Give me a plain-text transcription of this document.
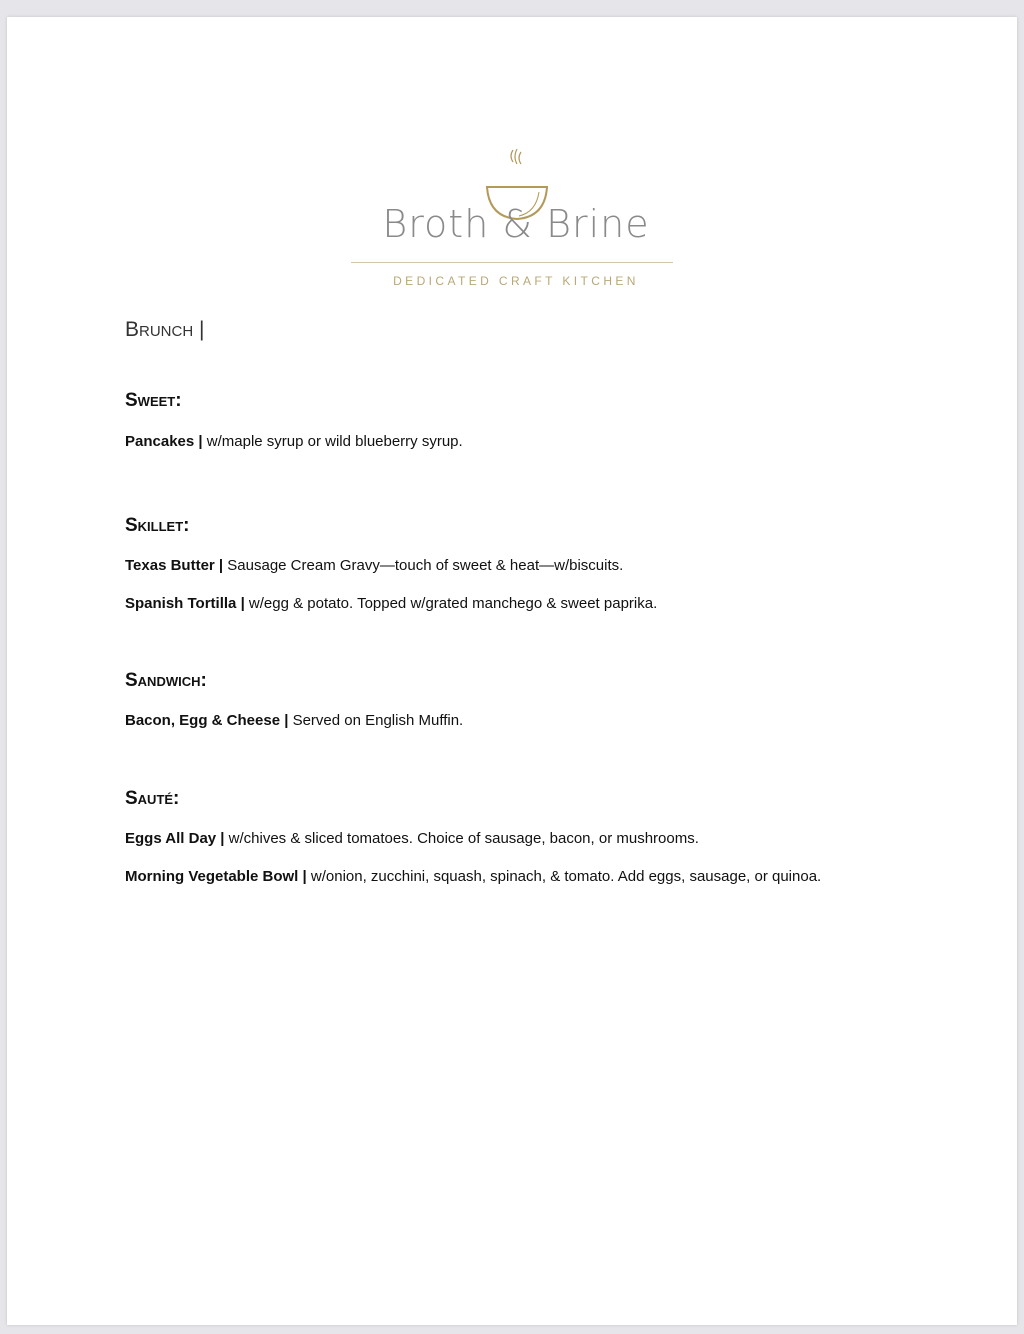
Broth & Brine
DEDICATED CRAFT KITCHEN
Brunch |
Sweet:
Pancakes | w/maple syrup or wild blueberry syrup.
Skillet:
Texas Butter | Sausage Cream Gravy—touch of sweet & heat—w/biscuits.
Spanish Tortilla | w/egg & potato. Topped w/grated manchego & sweet paprika.
Sandwich:
Bacon, Egg & Cheese | Served on English Muffin.
Sauté:
Eggs All Day | w/chives & sliced tomatoes. Choice of sausage, bacon, or mushrooms.
Morning Vegetable Bowl | w/onion, zucchini, squash, spinach, & tomato. Add eggs, sausage, or quinoa.
